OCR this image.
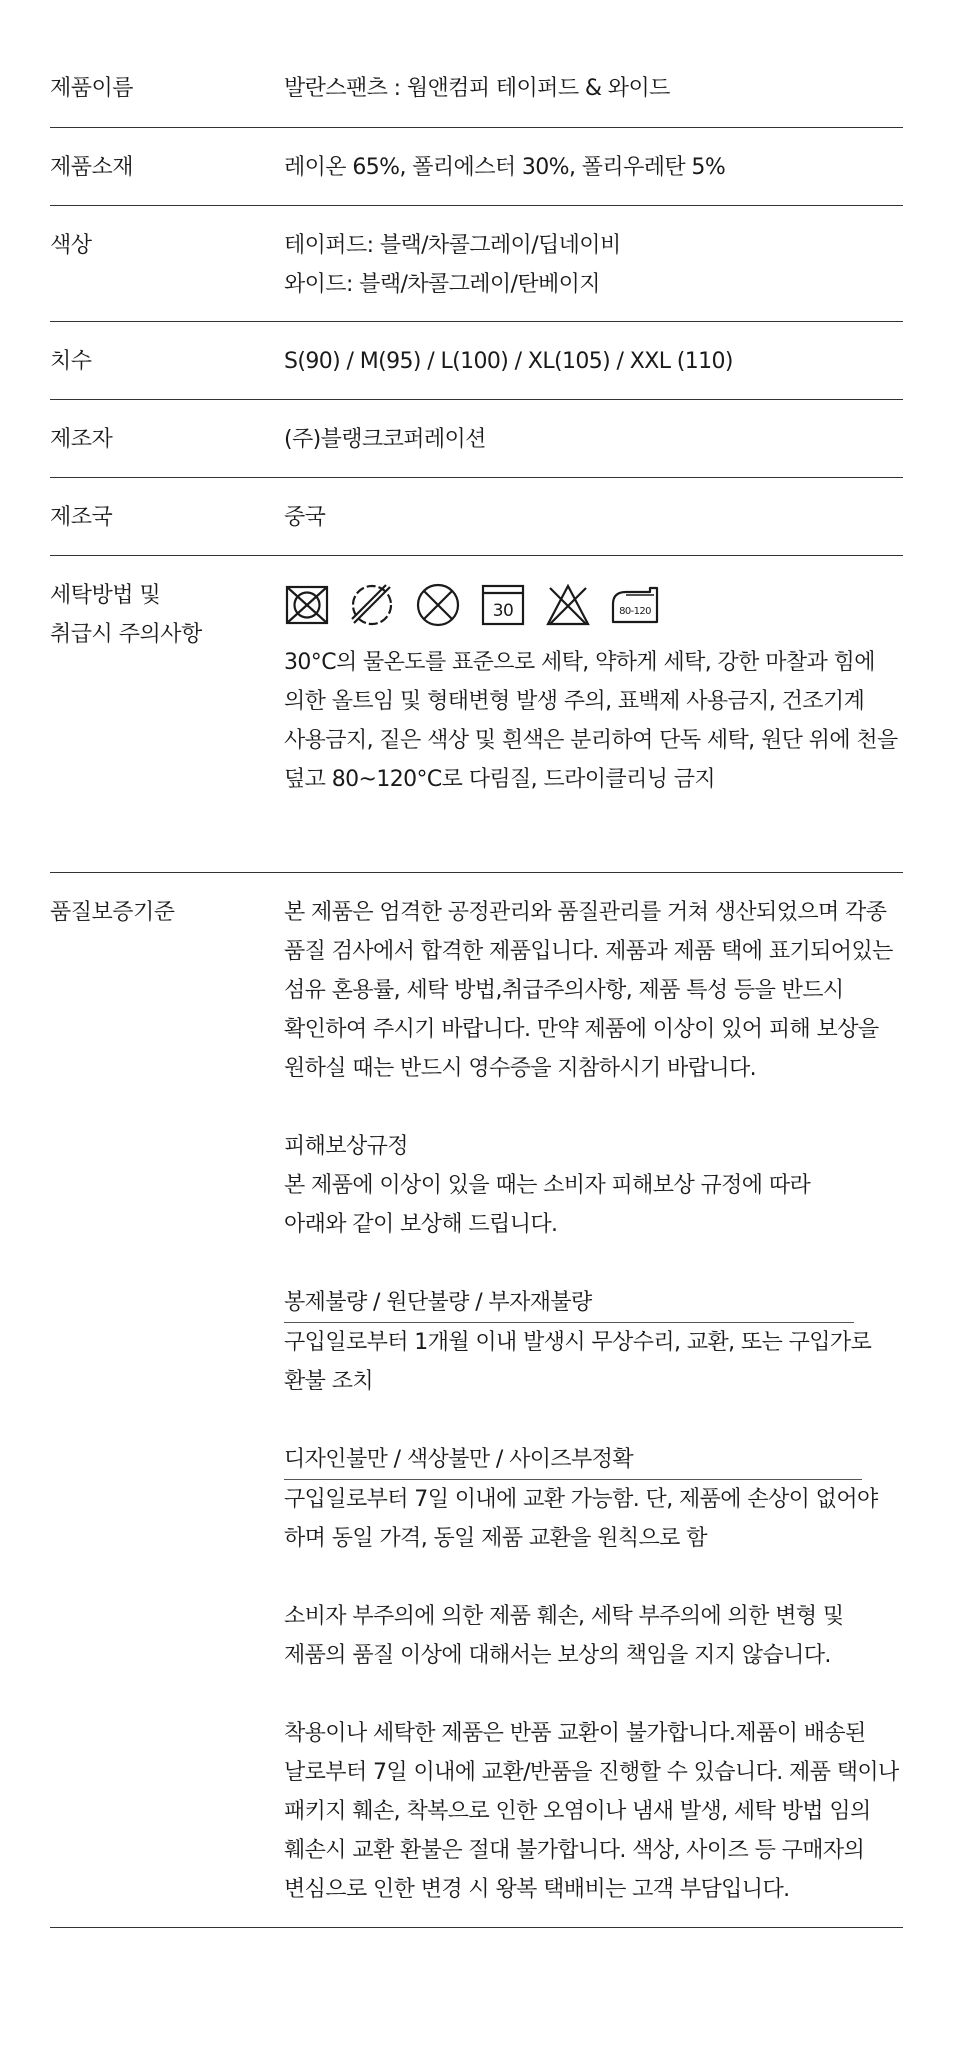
제품이름	발란스팬츠 : 웜앤컴피 테이퍼드 & 와이드
제품소재	레이온 65%, 폴리에스터 30%, 폴리우레탄 5%
색상	테이퍼드: 블랙/차콜그레이/딥네이비
와이드: 블랙/차콜그레이/탄베이지
치수	S(90) / M(95) / L(100) / XL(105) / XXL (110)
제조자	(주)블랭크코퍼레이션
제조국	중국
세탁방법 및
취급시 주의사항
30	80-120
30°C의 물온도를 표준으로 세탁, 약하게 세탁, 강한 마찰과 힘에
의한 올트임 및 형태변형 발생 주의, 표백제 사용금지, 건조기계
사용금지, 짙은 색상 및 흰색은 분리하여 단독 세탁, 원단 위에 천을
덮고 80~120°C로 다림질, 드라이클리닝 금지
품질보증기준	본 제품은 엄격한 공정관리와 품질관리를 거쳐 생산되었으며 각종
품질 검사에서 합격한 제품입니다. 제품과 제품 택에 표기되어있는
섬유 혼용률, 세탁 방법,취급주의사항, 제품 특성 등을 반드시
확인하여 주시기 바랍니다. 만약 제품에 이상이 있어 피해 보상을
원하실 때는 반드시 영수증을 지참하시기 바랍니다.
피해보상규정
본 제품에 이상이 있을 때는 소비자 피해보상 규정에 따라
아래와 같이 보상해 드립니다.
봉제불량 / 원단불량 / 부자재불량
구입일로부터 1개월 이내 발생시 무상수리, 교환, 또는 구입가로
환불 조치
디자인불만 / 색상불만 / 사이즈부정확
구입일로부터 7일 이내에 교환 가능함. 단, 제품에 손상이 없어야
하며 동일 가격, 동일 제품 교환을 원칙으로 함
소비자 부주의에 의한 제품 훼손, 세탁 부주의에 의한 변형 및
제품의 품질 이상에 대해서는 보상의 책임을 지지 않습니다.
착용이나 세탁한 제품은 반품 교환이 불가합니다.제품이 배송된
날로부터 7일 이내에 교환/반품을 진행할 수 있습니다. 제품 택이나
패키지 훼손, 착복으로 인한 오염이나 냄새 발생, 세탁 방법 임의
훼손시 교환 환불은 절대 불가합니다. 색상, 사이즈 등 구매자의
변심으로 인한 변경 시 왕복 택배비는 고객 부담입니다.
